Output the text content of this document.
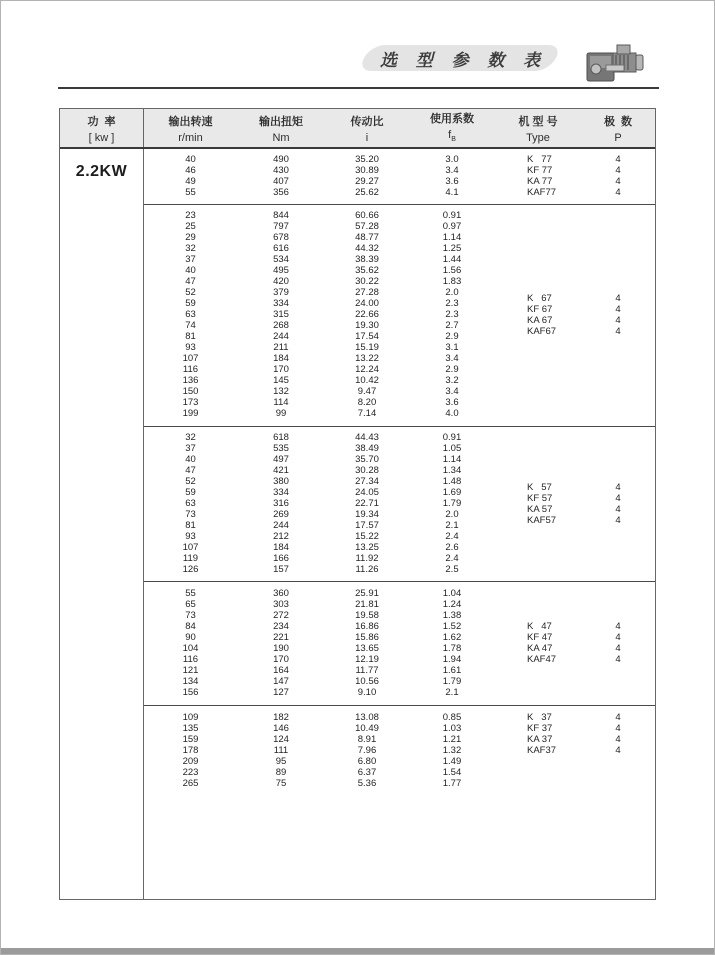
选 型 参 数 表
功  率
[ kw ]
输出转速
r/min
输出扭矩
Nm
传动比
i
使用系数
$f_B$
机 型 号
Type
极  数
P
2.2KW
40
46
49
55
490
430
407
356
35.20
30.89
29.27
25.62
3.0
3.4
3.6
4.1
K   77
KF 77
KA 77
KAF77
4
4
4
4
23
25
29
32
37
40
47
52
59
63
74
81
93
107
116
136
150
173
199
844
797
678
616
534
495
420
379
334
315
268
244
211
184
170
145
132
114
99
60.66
57.28
48.77
44.32
38.39
35.62
30.22
27.28
24.00
22.66
19.30
17.54
15.19
13.22
12.24
10.42
9.47
8.20
7.14
0.91
0.97
1.14
1.25
1.44
1.56
1.83
2.0
2.3
2.3
2.7
2.9
3.1
3.4
2.9
3.2
3.4
3.6
4.0
K   67
KF 67
KA 67
KAF67
4
4
4
4
32
37
40
47
52
59
63
73
81
93
107
119
126
618
535
497
421
380
334
316
269
244
212
184
166
157
44.43
38.49
35.70
30.28
27.34
24.05
22.71
19.34
17.57
15.22
13.25
11.92
11.26
0.91
1.05
1.14
1.34
1.48
1.69
1.79
2.0
2.1
2.4
2.6
2.4
2.5
K   57
KF 57
KA 57
KAF57
4
4
4
4
55
65
73
84
90
104
116
121
134
156
360
303
272
234
221
190
170
164
147
127
25.91
21.81
19.58
16.86
15.86
13.65
12.19
11.77
10.56
9.10
1.04
1.24
1.38
1.52
1.62
1.78
1.94
1.61
1.79
2.1
K   47
KF 47
KA 47
KAF47
4
4
4
4
109
135
159
178
209
223
265
182
146
124
111
95
89
75
13.08
10.49
8.91
7.96
6.80
6.37
5.36
0.85
1.03
1.21
1.32
1.49
1.54
1.77
K   37
KF 37
KA 37
KAF37
4
4
4
4
